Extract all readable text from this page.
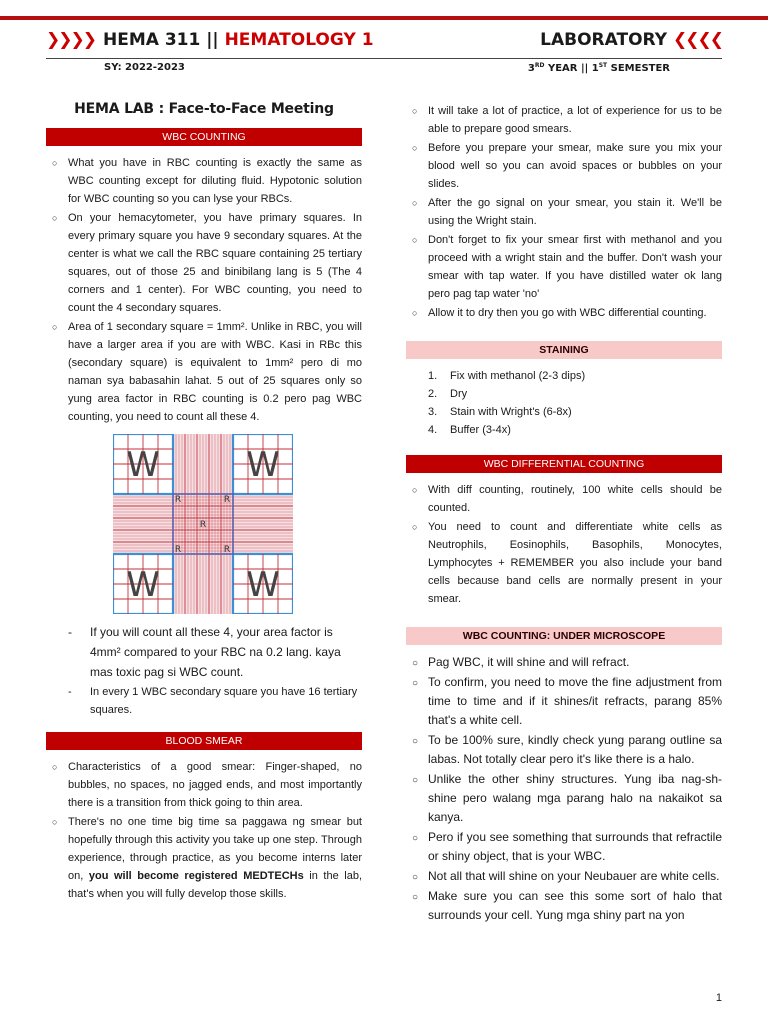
❯❯❯❯ HEMA 311 ||
HEMATOLOGY 1	LABORATORY ❮❮❮❮
SY: 2022-2023	3RD YEAR || 1ST SEMESTER
HEMA LAB : Face-to-Face Meeting
WBC COUNTING
○ What you have in RBC counting is exactly the same as WBC counting except for diluting fluid. Hypotonic solution for WBC counting so you can lyse your RBCs.
○ On your hemacytometer, you have primary squares. In every primary square you have 9 secondary squares. At the center is what we call the RBC square containing 25 tertiary squares, out of those 25 and binibilang lang is 5 (The 4 corners and 1 center). For WBC counting, you need to count the 4 secondary squares.
○ Area of 1 secondary square = 1mm². Unlike in RBC, you will have a larger area if you are with WBC. Kasi in RBc this (secondary square) is equivalent to 1mm² pero di mo naman sya babasahin lahat. 5 out of 25 squares only so yung area factor in RBC counting is 0.2 pero pag WBC counting, you need to count all these 4.
W	W
W	W
R	R
R
R	R
- If you will count all these 4, your area factor is 4mm² compared to your RBC na 0.2 lang. kaya mas toxic pag si WBC count.
- In every 1 WBC secondary square you have 16 tertiary squares.
BLOOD SMEAR
○ Characteristics of a good smear: Finger-shaped, no bubbles, no spaces, no jagged ends, and most importantly there is a transition from thick going to thin area.
○ There's no one time big time sa paggawa ng smear but hopefully through this activity you take up one step. Through experience, through practice, as you become interns later on, you will become registered MEDTECHs in the lab, that's when you will fully develop those skills.
○ It will take a lot of practice, a lot of experience for us to be able to prepare good smears.
○ Before you prepare your smear, make sure you mix your blood well so you can avoid spaces or bubbles on your slides.
○ After the go signal on your smear, you stain it. We'll be using the Wright stain.
○ Don't forget to fix your smear first with methanol and you proceed with a wright stain and the buffer. Don't wash your smear with tap water. If you have distilled water ok lang pero pag tap water 'no'
○ Allow it to dry then you go with WBC differential counting.
STAINING
1. Fix with methanol (2-3 dips)
2. Dry
3. Stain with Wright's (6-8x)
4. Buffer (3-4x)
WBC DIFFERENTIAL COUNTING
○ With diff counting, routinely, 100 white cells should be counted.
○ You need to count and differentiate white cells as Neutrophils, Eosinophils, Basophils, Monocytes, Lymphocytes + REMEMBER you also include your band cells because band cells are normally present in your smear.
WBC COUNTING: UNDER MICROSCOPE
○ Pag WBC, it will shine and will refract.
○ To confirm, you need to move the fine adjustment from time to time and if it shines/it refracts, parang 85% that's a white cell.
○ To be 100% sure, kindly check yung parang outline sa labas. Not totally clear pero it's like there is a halo.
○ Unlike the other shiny structures. Yung iba nag-sh-shine pero walang mga parang halo na nakaikot sa kanya.
○ Pero if you see something that surrounds that refractile or shiny object, that is your WBC.
○ Not all that will shine on your Neubauer are white cells.
○ Make sure you can see this some sort of halo that surrounds your cell. Yung mga shiny part na yon
1
